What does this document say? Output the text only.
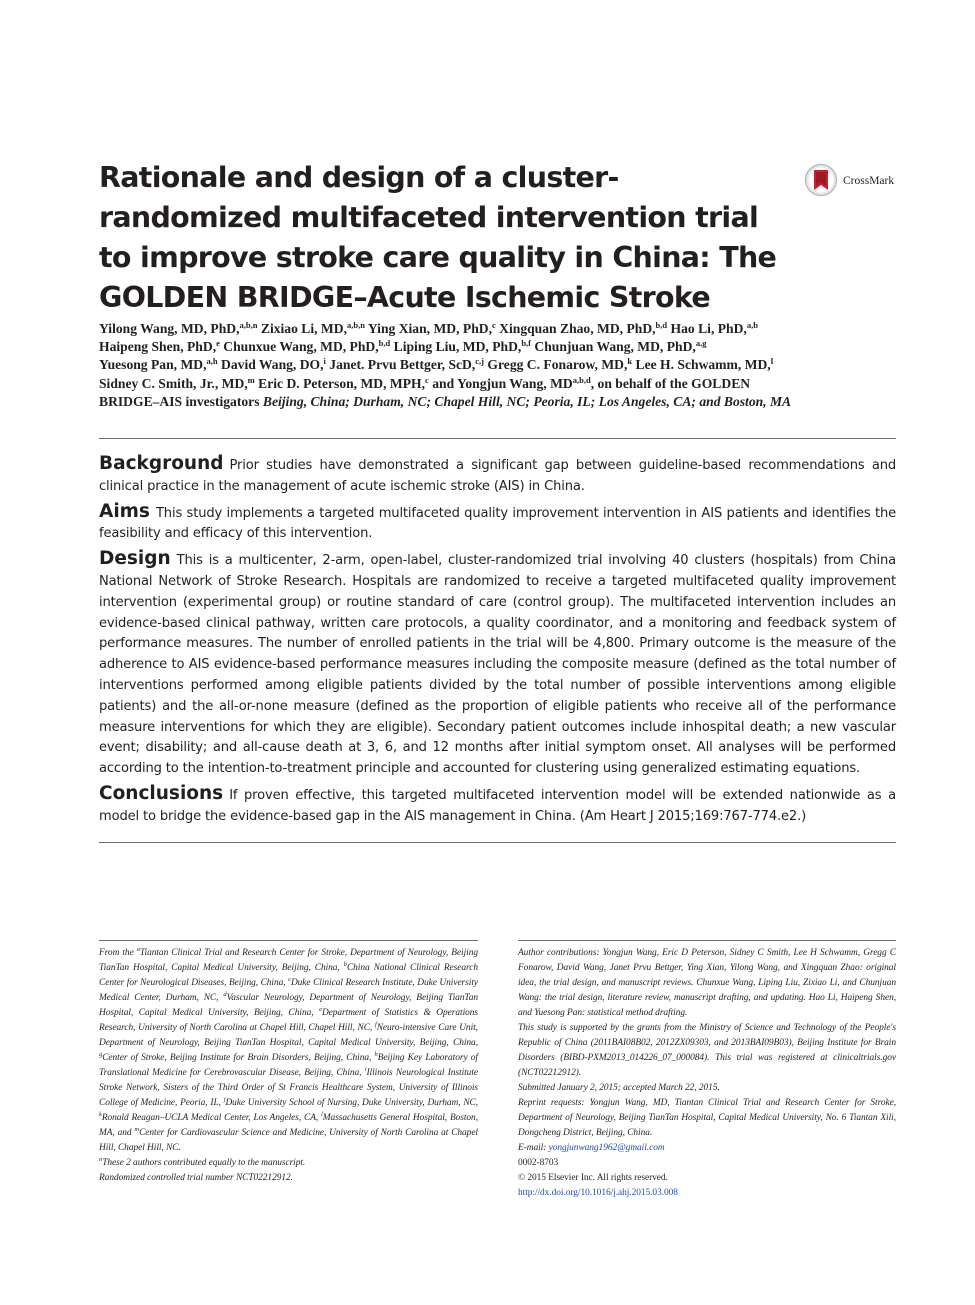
Rationale and design of a cluster-randomized multifaceted intervention trial to improve stroke care quality in China: The GOLDEN BRIDGE–Acute Ischemic Stroke
CrossMark
Yilong Wang, MD, PhD,$^{a,b,n}$ Zixiao Li, MD,$^{a,b,n}$ Ying Xian, MD, PhD,$^c$ Xingquan Zhao, MD, PhD,$^{b,d}$ Hao Li, PhD,$^{a,b}$
Haipeng Shen, PhD,$^e$ Chunxue Wang, MD, PhD,$^{b,d}$ Liping Liu, MD, PhD,$^{b,f}$ Chunjuan Wang, MD, PhD,$^{a,g}$
Yuesong Pan, MD,$^{a,h}$ David Wang, DO,$^i$ Janet. Prvu Bettger, ScD,$^{c,j}$ Gregg C. Fonarow, MD,$^k$ Lee H. Schwamm, MD,$^l$
Sidney C. Smith, Jr., MD,$^m$ Eric D. Peterson, MD, MPH,$^c$ and Yongjun Wang, MD$^{a,b,d}$, on behalf of the GOLDEN
BRIDGE–AIS investigators Beijing, China; Durham, NC; Chapel Hill, NC; Peoria, IL; Los Angeles, CA; and Boston, MA

Background Prior studies have demonstrated a significant gap between guideline-based recommendations and clinical practice in the management of acute ischemic stroke (AIS) in China.

Aims This study implements a targeted multifaceted quality improvement intervention in AIS patients and identifies the feasibility and efficacy of this intervention.

Design This is a multicenter, 2-arm, open-label, cluster-randomized trial involving 40 clusters (hospitals) from China National Network of Stroke Research. Hospitals are randomized to receive a targeted multifaceted quality improvement intervention (experimental group) or routine standard of care (control group). The multifaceted intervention includes an evidence-based clinical pathway, written care protocols, a quality coordinator, and a monitoring and feedback system of performance measures. The number of enrolled patients in the trial will be 4,800. Primary outcome is the measure of the adherence to AIS evidence-based performance measures including the composite measure (defined as the total number of interventions performed among eligible patients divided by the total number of possible interventions among eligible patients) and the all-or-none measure (defined as the proportion of eligible patients who receive all of the performance measure interventions for which they are eligible). Secondary patient outcomes include inhospital death; a new vascular event; disability; and all-cause death at 3, 6, and 12 months after initial symptom onset. All analyses will be performed according to the intention-to-treatment principle and accounted for clustering using generalized estimating equations.

Conclusions If proven effective, this targeted multifaceted intervention model will be extended nationwide as a model to bridge the evidence-based gap in the AIS management in China. (Am Heart J 2015;169:767-774.e2.)

From the $^a$Tiantan Clinical Trial and Research Center for Stroke, Department of Neurology, Beijing TianTan Hospital, Capital Medical University, Beijing, China, $^b$China National Clinical Research Center for Neurological Diseases, Beijing, China, $^c$Duke Clinical Research Institute, Duke University Medical Center, Durham, NC, $^d$Vascular Neurology, Department of Neurology, Beijing TianTan Hospital, Capital Medical University, Beijing, China, $^e$Department of Statistics & Operations Research, University of North Carolina at Chapel Hill, Chapel Hill, NC, $^f$Neuro-intensive Care Unit, Department of Neurology, Beijing TianTan Hospital, Capital Medical University, Beijing, China, $^g$Center of Stroke, Beijing Institute for Brain Disorders, Beijing, China, $^h$Beijing Key Laboratory of Translational Medicine for Cerebrovascular Disease, Beijing, China, $^i$Illinois Neurological Institute Stroke Network, Sisters of the Third Order of St Francis Healthcare System, University of Illinois College of Medicine, Peoria, IL, $^j$Duke University School of Nursing, Duke University, Durham, NC, $^k$Ronald Reagan–UCLA Medical Center, Los Angeles, CA, $^l$Massachusetts General Hospital, Boston, MA, and $^m$Center for Cardiovascular Science and Medicine, University of North Carolina at Chapel Hill, Chapel Hill, NC.

$^n$These 2 authors contributed equally to the manuscript.

Randomized controlled trial number NCT02212912.

Author contributions: Yongjun Wang, Eric D Peterson, Sidney C Smith, Lee H Schwamm, Gregg C Fonarow, David Wang, Janet Prvu Bettger, Ying Xian, Yilong Wang, and Xingquan Zhao: original idea, the trial design, and manuscript reviews. Chunxue Wang, Liping Liu, Zixiao Li, and Chunjuan Wang: the trial design, literature review, manuscript drafting, and updating. Hao Li, Haipeng Shen, and Yuesong Pan: statistical method drafting.

This study is supported by the grants from the Ministry of Science and Technology of the People's Republic of China (2011BAI08B02, 2012ZX09303, and 2013BAI09B03), Beijing Institute for Brain Disorders (BIBD-PXM2013_014226_07_000084). This trial was registered at clinicaltrials.gov (NCT02212912).

Submitted January 2, 2015; accepted March 22, 2015.

Reprint requests: Yongjun Wang, MD, Tiantan Clinical Trial and Research Center for Stroke, Department of Neurology, Beijing TianTan Hospital, Capital Medical University, No. 6 Tiantan Xili, Dongcheng District, Beijing, China.

E-mail: yongjunwang1962@gmail.com

0002-8703

© 2015 Elsevier Inc. All rights reserved.

http://dx.doi.org/10.1016/j.ahj.2015.03.008
